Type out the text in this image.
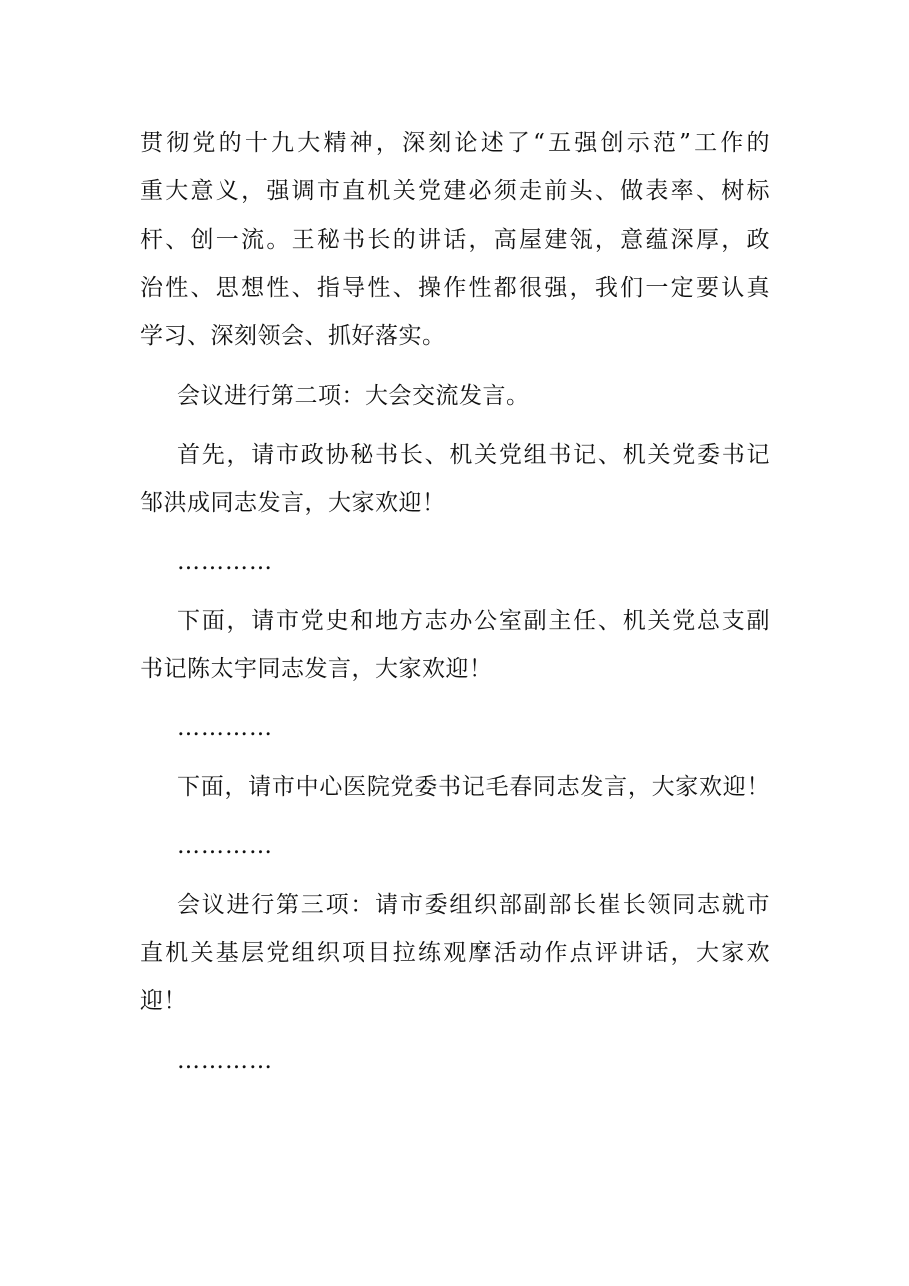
贯彻党的十九大精神，深刻论述了“五强创示范”工作的
重大意义，强调市直机关党建必须走前头、做表率、树标
杆、创一流。王秘书长的讲话，高屋建瓴，意蕴深厚，政
治性、思想性、指导性、操作性都很强，我们一定要认真
学习、深刻领会、抓好落实。
会议进行第二项：大会交流发言。
首先，请市政协秘书长、机关党组书记、机关党委书记
邹洪成同志发言，大家欢迎！
…………
下面，请市党史和地方志办公室副主任、机关党总支副
书记陈太宇同志发言，大家欢迎！
…………
下面，请市中心医院党委书记毛春同志发言，大家欢迎！
…………
会议进行第三项：请市委组织部副部长崔长领同志就市
直机关基层党组织项目拉练观摩活动作点评讲话，大家欢
迎！
…………
